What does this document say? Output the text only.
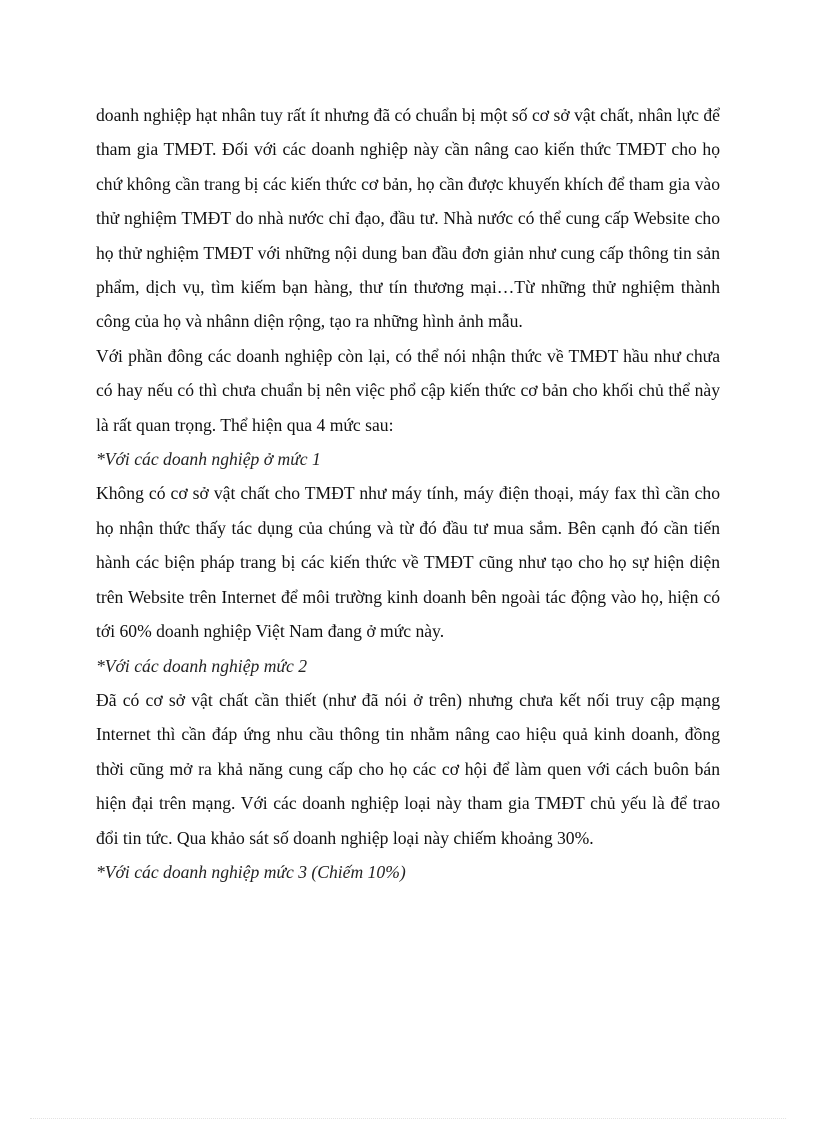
doanh nghiệp hạt nhân tuy rất ít nhưng đã có chuẩn bị một số cơ sở vật chất, nhân lực để tham gia TMĐT. Đối với các doanh nghiệp này cần nâng cao kiến thức TMĐT cho họ chứ không cần trang bị các kiến thức cơ bản, họ cần được khuyến khích để tham gia vào thử nghiệm TMĐT do nhà nước chỉ đạo, đầu tư. Nhà nước có thể cung cấp Website cho họ thử nghiệm TMĐT với những nội dung ban đầu đơn giản như cung cấp thông tin sản phẩm, dịch vụ, tìm kiếm bạn hàng, thư tín thương mại…Từ những thử nghiệm thành công của họ và nhânn diện rộng, tạo ra những hình ảnh mẫu.

Với phần đông các doanh nghiệp còn lại, có thể nói nhận thức về TMĐT hầu như chưa có hay nếu có thì chưa chuẩn bị nên việc phổ cập kiến thức cơ bản cho khối chủ thể này là rất quan trọng. Thể hiện qua 4 mức sau:

*Với các doanh nghiệp ở mức 1

Không có cơ sở vật chất cho TMĐT như máy tính, máy điện thoại, máy fax thì cần cho họ nhận thức thấy tác dụng của chúng và từ đó đầu tư mua sắm. Bên cạnh đó cần tiến hành các biện pháp trang bị các kiến thức về TMĐT cũng như tạo cho họ sự hiện diện trên Website trên Internet để môi trường kinh doanh bên ngoài tác động vào họ, hiện có tới 60% doanh nghiệp Việt Nam đang ở mức này.

*Với các doanh nghiệp mức 2

Đã có cơ sở vật chất cần thiết (như đã nói ở trên) nhưng chưa kết nối truy cập mạng Internet thì cần đáp ứng nhu cầu thông tin nhằm nâng cao hiệu quả kinh doanh, đồng thời cũng mở ra khả năng cung cấp cho họ các cơ hội để làm quen với cách buôn bán hiện đại trên mạng. Với các doanh nghiệp loại này tham gia TMĐT chủ yếu là để trao đổi tin tức. Qua khảo sát số doanh nghiệp loại này chiếm khoảng 30%.

*Với các doanh nghiệp mức 3 (Chiếm 10%)
